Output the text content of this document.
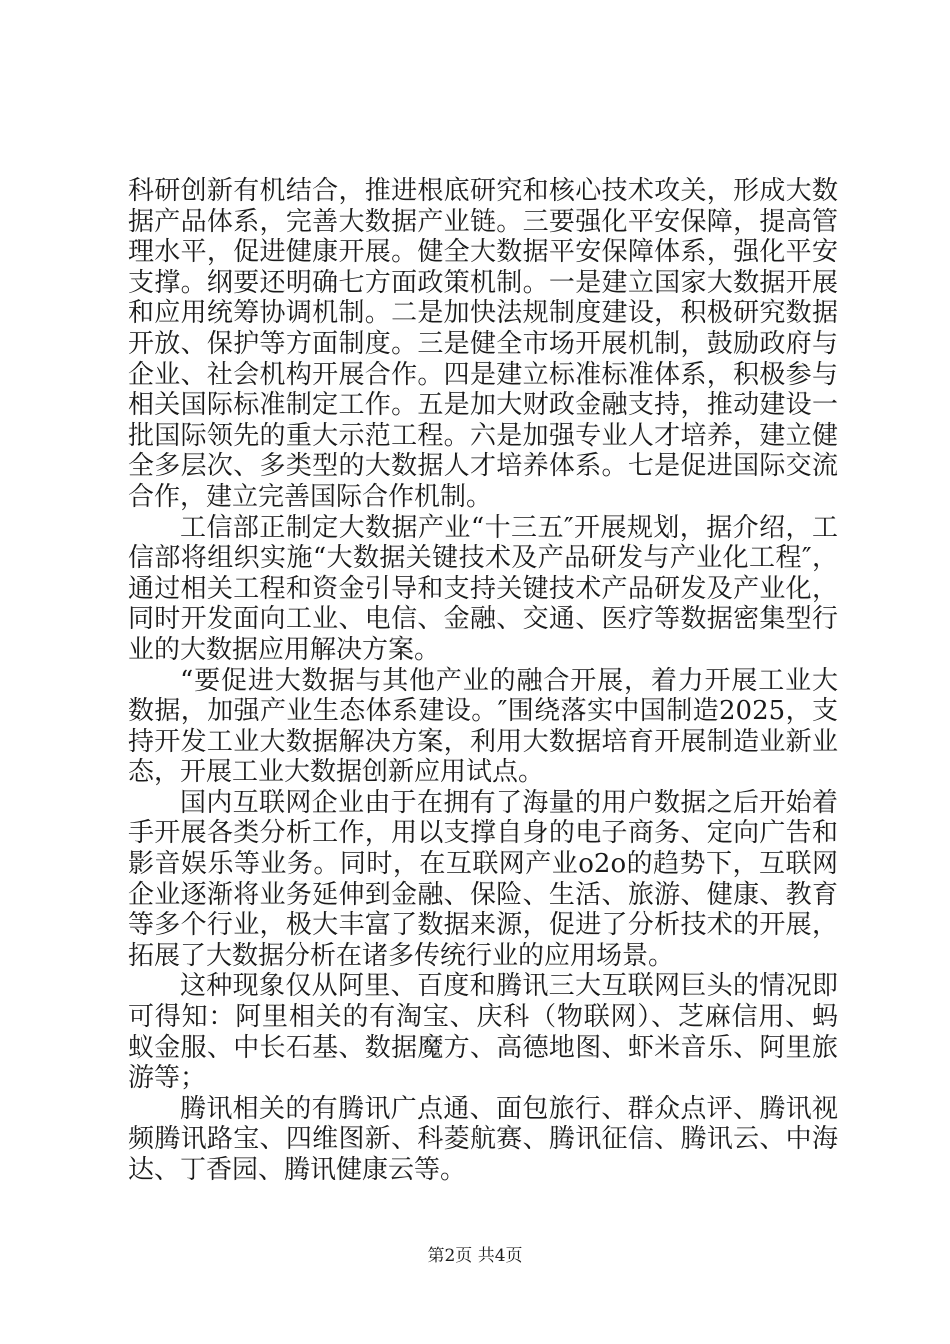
科研创新有机结合，推进根底研究和核心技术攻关，形成大数据产品体系，完善大数据产业链。三要强化平安保障，提高管理水平，促进健康开展。健全大数据平安保障体系，强化平安支撑。纲要还明确七方面政策机制。一是建立国家大数据开展和应用统筹协调机制。二是加快法规制度建设，积极研究数据开放、保护等方面制度。三是健全市场开展机制，鼓励政府与企业、社会机构开展合作。四是建立标准标准体系，积极参与相关国际标准制定工作。五是加大财政金融支持，推动建设一批国际领先的重大示范工程。六是加强专业人才培养，建立健全多层次、多类型的大数据人才培养体系。七是促进国际交流合作，建立完善国际合作机制。

工信部正制定大数据产业“十三五″开展规划，据介绍，工信部将组织实施“大数据关键技术及产品研发与产业化工程″，通过相关工程和资金引导和支持关键技术产品研发及产业化，同时开发面向工业、电信、金融、交通、医疗等数据密集型行业的大数据应用解决方案。

“要促进大数据与其他产业的融合开展，着力开展工业大数据，加强产业生态体系建设。″围绕落实中国制造2025，支持开发工业大数据解决方案，利用大数据培育开展制造业新业态，开展工业大数据创新应用试点。

国内互联网企业由于在拥有了海量的用户数据之后开始着手开展各类分析工作，用以支撑自身的电子商务、定向广告和影音娱乐等业务。同时，在互联网产业o2o的趋势下，互联网企业逐渐将业务延伸到金融、保险、生活、旅游、健康、教育等多个行业，极大丰富了数据来源，促进了分析技术的开展，拓展了大数据分析在诸多传统行业的应用场景。

这种现象仅从阿里、百度和腾讯三大互联网巨头的情况即可得知：阿里相关的有淘宝、庆科（物联网）、芝麻信用、蚂蚁金服、中长石基、数据魔方、高德地图、虾米音乐、阿里旅游等；

腾讯相关的有腾讯广点通、面包旅行、群众点评、腾讯视频腾讯路宝、四维图新、科菱航赛、腾讯征信、腾讯云、中海达、丁香园、腾讯健康云等。

第2页 共4页
